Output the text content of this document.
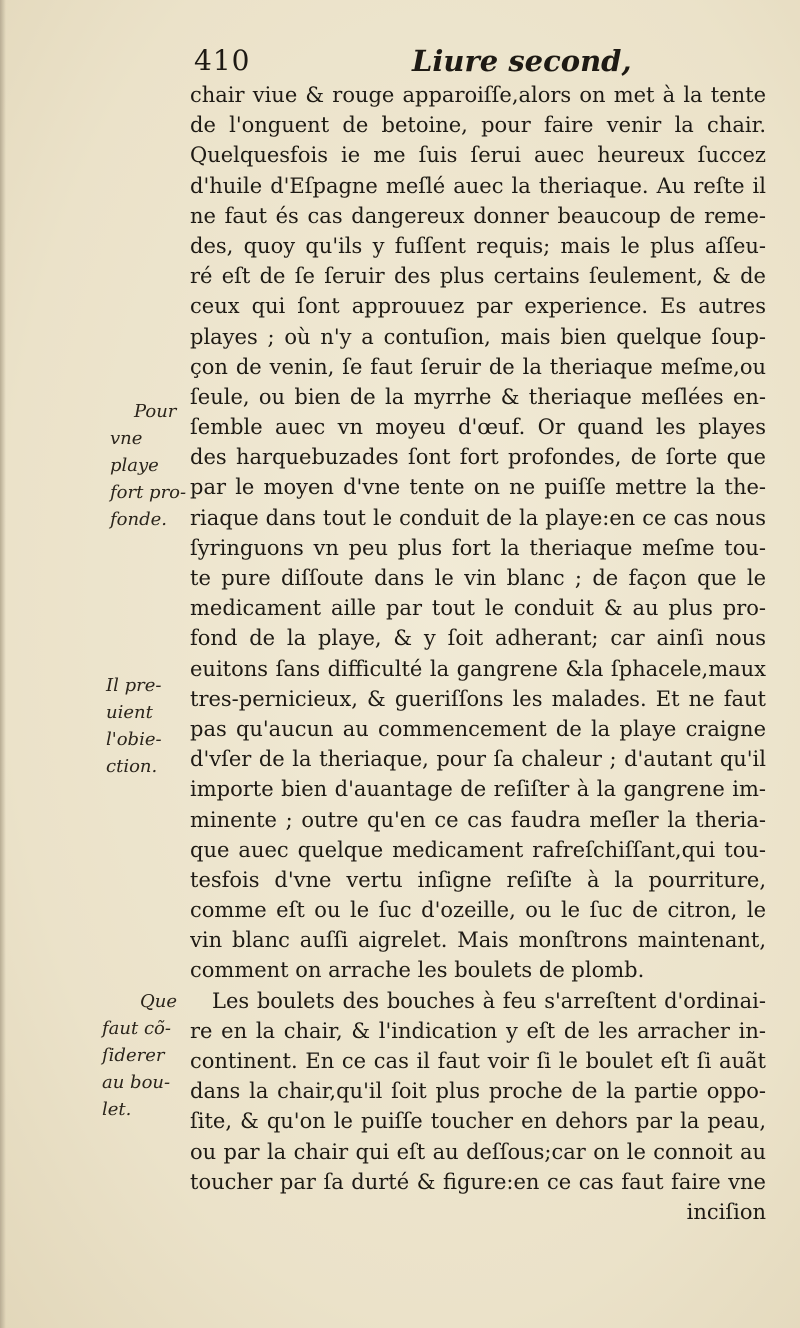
410	Liure second,
chair viue & rouge apparoiſſe,alors on met à la tente
de l'onguent de betoine, pour faire venir la chair.
Quelquesfois ie me ſuis ſerui auec heureux ſuccez
d'huile d'Eſpagne meſlé auec la theriaque. Au reſte il
ne faut és cas dangereux donner beaucoup de reme-
des, quoy qu'ils y fuſſent requis; mais le plus aſſeu-
ré eſt de ſe ſeruir des plus certains ſeulement, & de
ceux qui ſont approuuez par experience. Es autres
playes ; où n'y a contuſion, mais bien quelque ſoup-
çon de venin, ſe faut ſeruir de la theriaque meſme,ou
ſeule, ou bien de la myrrhe & theriaque meſlées en-
ſemble auec vn moyeu d'œuf. Or quand les playes
des harquebuzades ſont fort profondes, de ſorte que
par le moyen d'vne tente on ne puiſſe mettre la the-
riaque dans tout le conduit de la playe:en ce cas nous
ſyringuons vn peu plus fort la theriaque meſme tou-
te pure diſſoute dans le vin blanc ; de façon que le
medicament aille par tout le conduit & au plus pro-
fond de la playe, & y ſoit adherant; car ainſi nous
euitons ſans difficulté la gangrene &la ſphacele,maux
tres-pernicieux, & gueriſſons les malades. Et ne faut
pas qu'aucun au commencement de la playe craigne
d'vſer de la theriaque, pour ſa chaleur ; d'autant qu'il
importe bien d'auantage de reſiſter à la gangrene im-
minente ; outre qu'en ce cas faudra meſler la theria-
que auec quelque medicament rafreſchiſſant,qui tou-
tesfois d'vne vertu inſigne reſiſte à la pourriture,
comme eſt ou le ſuc d'ozeille, ou le ſuc de citron, le
vin blanc auſſi aigrelet. Mais monſtrons maintenant,
comment on arrache les boulets de plomb.
Les boulets des bouches à feu s'arreſtent d'ordinai-
re en la chair, & l'indication y eſt de les arracher in-
continent. En ce cas il faut voir ſi le boulet eſt ſi auãt
dans la chair,qu'il ſoit plus proche de la partie oppo-
ſite, & qu'on le puiſſe toucher en dehors par la peau,
ou par la chair qui eſt au deſſous;car on le connoit au
toucher par ſa durté & figure:en ce cas faut faire vne
inciſion
Pour
vne
playe
fort pro-
fonde.
Il pre-
uient
l'obie-
ction.
Que
faut cõ-
ſiderer
au bou-
let.
